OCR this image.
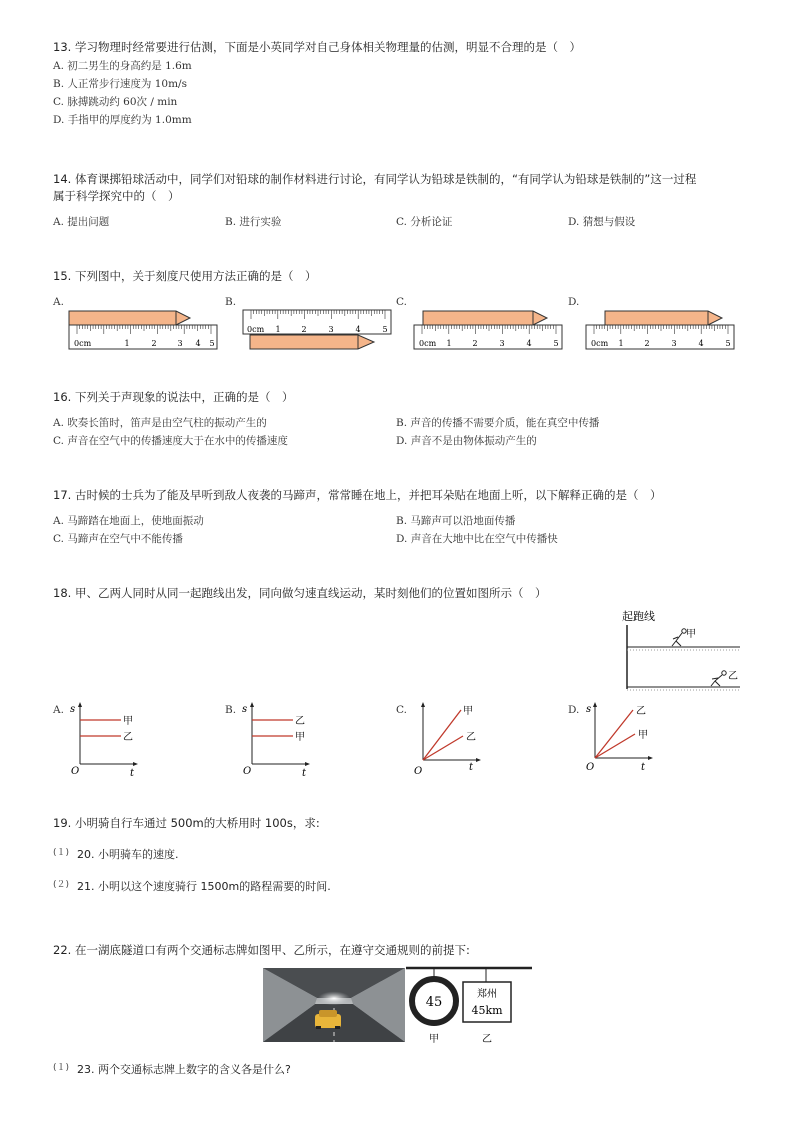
13. 学习物理时经常要进行估测，下面是小英同学对自己身体相关物理量的估测，明显不合理的是（　）
A. 初二男生的身高约是 1.6m
B. 人正常步行速度为 10m/s
C. 脉搏跳动约 60次 / min
D. 手指甲的厚度约为 1.0mm
14. 体育课掷铅球活动中，同学们对铅球的制作材料进行讨论，有同学认为铅球是铁制的，“有同学认为铅球是铁制的”这一过程
属于科学探究中的（　）
A. 提出问题	B. 进行实验	C. 分析论证	D. 猜想与假设
15. 下列图中，关于刻度尺使用方法正确的是（　）
A.	B.	C.	D.
0cm	1	2	3 4 5
0cm 1	2	3	4	5
0cm 1	2	3	4	5	0cm 1	2	3	4	5
16. 下列关于声现象的说法中，正确的是（　）
A. 吹奏长笛时，笛声是由空气柱的振动产生的	B. 声音的传播不需要介质，能在真空中传播
C. 声音在空气中的传播速度大于在水中的传播速度	D. 声音不是由物体振动产生的
17. 古时候的士兵为了能及早听到敌人夜袭的马蹄声，常常睡在地上，并把耳朵贴在地面上听，以下解释正确的是（　）
A. 马蹄踏在地面上，使地面振动	B. 马蹄声可以沿地面传播
C. 马蹄声在空气中不能传播	D. 声音在大地中比在空气中传播快
18. 甲、乙两人同时从同一起跑线出发，同向做匀速直线运动，某时刻他们的位置如图所示（　）
起跑线
甲
乙
A.	B.	C.	D.
s
O	t
甲
乙
s
O	t
乙
甲
O	t
甲
乙
s
O	t
乙
甲
19. 小明骑自行车通过 500m的大桥用时 100s，求:
$^{(1)}$ 20. 小明骑车的速度.
$^{(2)}$ 21. 小明以这个速度骑行 1500m的路程需要的时间.
22. 在一湖底隧道口有两个交通标志牌如图甲、乙所示，在遵守交通规则的前提下:
45
郑州
45km
甲	乙
$^{(1)}$ 23. 两个交通标志牌上数字的含义各是什么?
